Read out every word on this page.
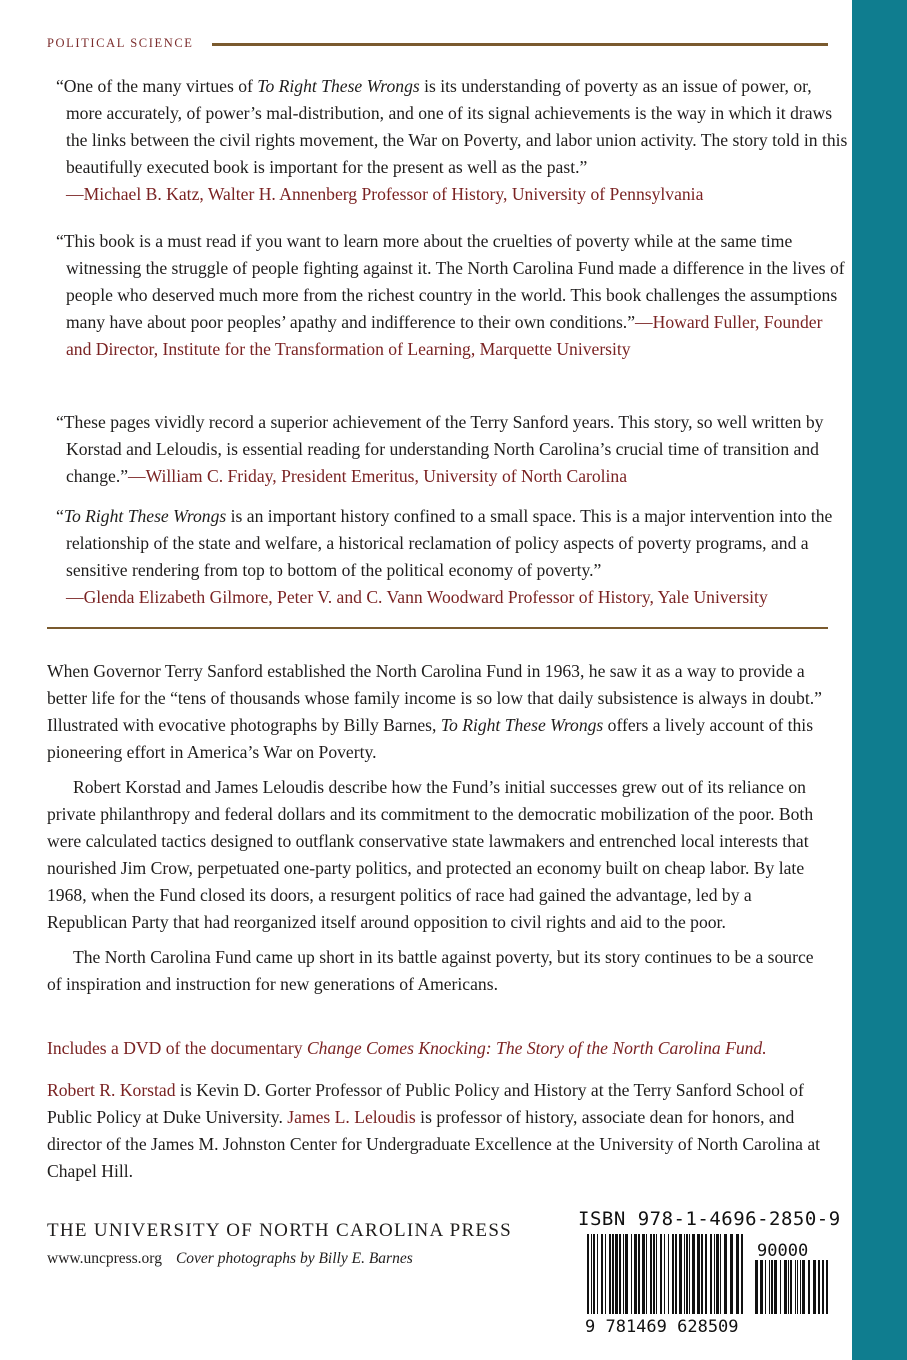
POLITICAL SCIENCE

“One of the many virtues of To Right These Wrongs is its understanding of poverty as an issue of power, or, more accurately, of power’s mal-distribution, and one of its signal achievements is the way in which it draws the links between the civil rights movement, the War on Poverty, and labor union activity. The story told in this beautifully executed book is important for the present as well as the past.”
—Michael B. Katz, Walter H. Annenberg Professor of History, University of Pennsylvania

“This book is a must read if you want to learn more about the cruelties of poverty while at the same time witnessing the struggle of people fighting against it. The North Carolina Fund made a difference in the lives of people who deserved much more from the richest country in the world. This book challenges the assumptions many have about poor peoples’ apathy and indifference to their own conditions.”—Howard Fuller, Founder and Director, Institute for the Transformation of Learning, Marquette University

“These pages vividly record a superior achievement of the Terry Sanford years. This story, so well written by Korstad and Leloudis, is essential reading for understanding North Carolina’s crucial time of transition and change.”—William C. Friday, President Emeritus, University of North Carolina

“To Right These Wrongs is an important history confined to a small space. This is a major intervention into the relationship of the state and welfare, a historical reclamation of policy aspects of poverty programs, and a sensitive rendering from top to bottom of the political economy of poverty.”
—Glenda Elizabeth Gilmore, Peter V. and C. Vann Woodward Professor of History, Yale University

When Governor Terry Sanford established the North Carolina Fund in 1963, he saw it as a way to provide a better life for the “tens of thousands whose family income is so low that daily subsistence is always in doubt.” Illustrated with evocative photographs by Billy Barnes, To Right These Wrongs offers a lively account of this pioneering effort in America’s War on Poverty.

Robert Korstad and James Leloudis describe how the Fund’s initial successes grew out of its reliance on private philanthropy and federal dollars and its commitment to the democratic mobilization of the poor. Both were calculated tactics designed to outflank conservative state lawmakers and entrenched local interests that nourished Jim Crow, perpetuated one-party politics, and protected an economy built on cheap labor. By late 1968, when the Fund closed its doors, a resurgent politics of race had gained the advantage, led by a Republican Party that had reorganized itself around opposition to civil rights and aid to the poor.

The North Carolina Fund came up short in its battle against poverty, but its story continues to be a source of inspiration and instruction for new generations of Americans.

Includes a DVD of the documentary Change Comes Knocking: The Story of the North Carolina Fund.
Robert R. Korstad is Kevin D. Gorter Professor of Public Policy and History at the Terry Sanford School of Public Policy at Duke University. James L. Leloudis is professor of history, associate dean for honors, and director of the James M. Johnston Center for Undergraduate Excellence at the University of North Carolina at Chapel Hill.
THE UNIVERSITY OF NORTH CAROLINA PRESS
www.uncpress.org Cover photographs by Billy E. Barnes
ISBN 978-1-4696-2850-9
9 781469 628509
90000
